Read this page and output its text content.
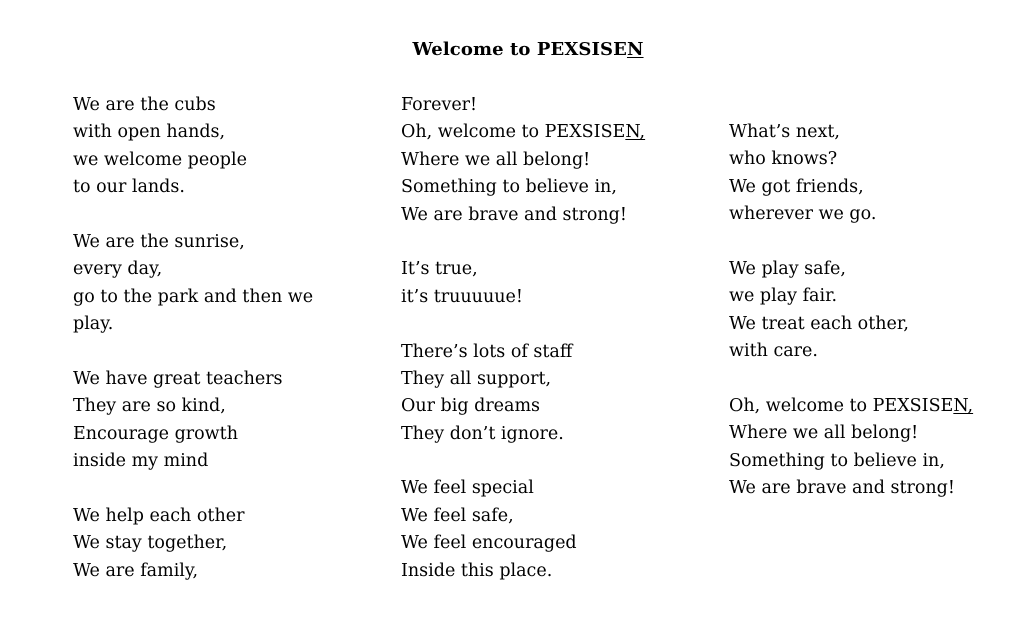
Welcome to PEXSISEN
We are the cubs
with open hands,
we welcome people
to our lands.
We are the sunrise,
every day,
go to the park and then we
play.
We have great teachers
They are so kind,
Encourage growth
inside my mind
We help each other
We stay together,
We are family,
Forever!
Oh, welcome to PEXSISEN,
Where we all belong!
Something to believe in,
We are brave and strong!
It’s true,
it’s truuuuue!
There’s lots of staff
They all support,
Our big dreams
They don’t ignore.
We feel special
We feel safe,
We feel encouraged
Inside this place.
What’s next,
who knows?
We got friends,
wherever we go.
We play safe,
we play fair.
We treat each other,
with care.
Oh, welcome to PEXSISEN,
Where we all belong!
Something to believe in,
We are brave and strong!
